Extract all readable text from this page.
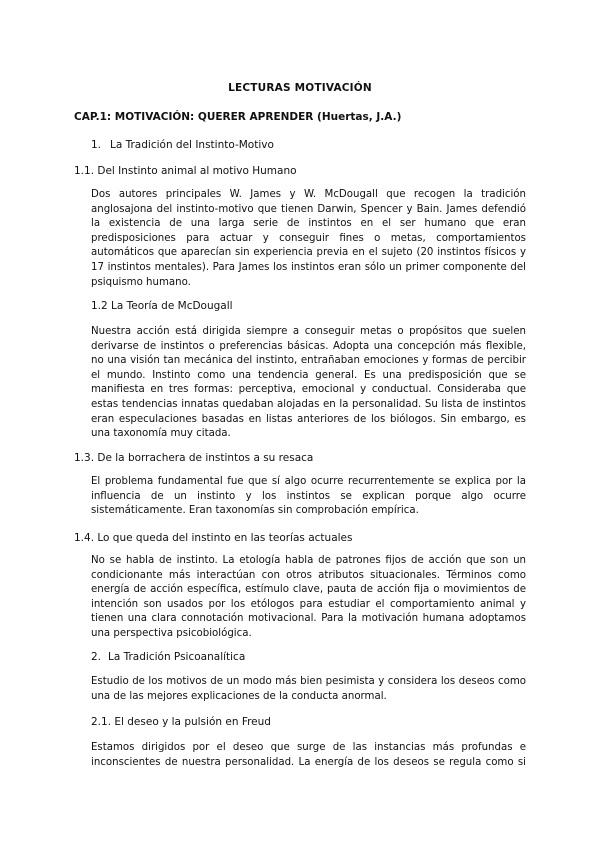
LECTURAS MOTIVACIÓN
CAP.1: MOTIVACIÓN: QUERER APRENDER (Huertas, J.A.)
1. La Tradición del Instinto-Motivo
1.1. Del Instinto animal al motivo Humano

Dos autores principales W. James y W. McDougall que recogen la tradición anglosajona del instinto-motivo que tienen Darwin, Spencer y Bain. James defendió la existencia de una larga serie de instintos en el ser humano que eran predisposiciones para actuar y conseguir fines o metas, comportamientos automáticos que aparecían sin experiencia previa en el sujeto (20 instintos físicos y 17 instintos mentales). Para James los instintos eran sólo un primer componente del psiquismo humano.

1.2 La Teoría de McDougall

Nuestra acción está dirigida siempre a conseguir metas o propósitos que suelen derivarse de instintos o preferencias básicas. Adopta una concepción más flexible, no una visión tan mecánica del instinto, entrañaban emociones y formas de percibir el mundo. Instinto como una tendencia general. Es una predisposición que se manifiesta en tres formas: perceptiva, emocional y conductual. Consideraba que estas tendencias innatas quedaban alojadas en la personalidad. Su lista de instintos eran especulaciones basadas en listas anteriores de los biólogos. Sin embargo, es una taxonomía muy citada.

1.3. De la borrachera de instintos a su resaca

El problema fundamental fue que sí algo ocurre recurrentemente se explica por la influencia de un instinto y los instintos se explican porque algo ocurre sistemáticamente. Eran taxonomías sin comprobación empírica.

1.4. Lo que queda del instinto en las teorías actuales

No se habla de instinto. La etología habla de patrones fijos de acción que son un condicionante más interactúan con otros atributos situacionales. Términos como energía de acción específica, estímulo clave, pauta de acción fija o movimientos de intención son usados por los etólogos para estudiar el comportamiento animal y tienen una clara connotación motivacional. Para la motivación humana adoptamos una perspectiva psicobiológica.

2. La Tradición Psicoanalítica

Estudio de los motivos de un modo más bien pesimista y considera los deseos como una de las mejores explicaciones de la conducta anormal.

2.1. El deseo y la pulsión en Freud

Estamos dirigidos por el deseo que surge de las instancias más profundas e inconscientes de nuestra personalidad. La energía de los deseos se regula como si
